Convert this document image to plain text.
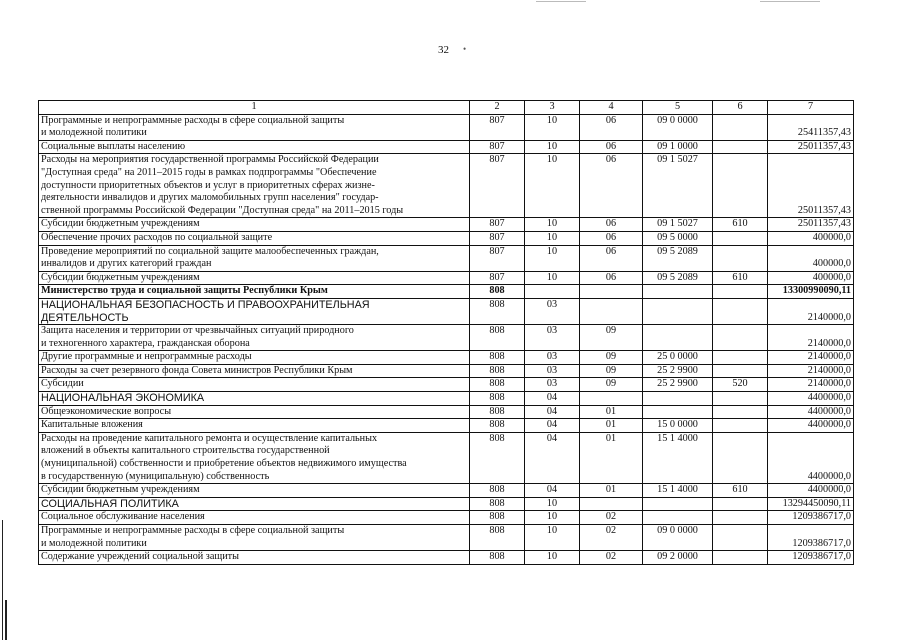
32 •
1	2	3	4	5	6	7
Программные и непрограммные расходы в сфере социальной защиты
и молодежной политики	807	10	06	09 0 0000		25411357,43
Социальные выплаты населению	807	10	06	09 1 0000		25011357,43
Расходы на мероприятия государственной программы Российской Федерации
"Доступная среда" на 2011–2015 годы в рамках подпрограммы "Обеспечение
доступности приоритетных объектов и услуг в приоритетных сферах жизне-
деятельности инвалидов и других маломобильных групп населения" государ-
ственной программы Российской Федерации "Доступная среда" на 2011–2015 годы	807	10	06	09 1 5027		25011357,43
Субсидии бюджетным учреждениям	807	10	06	09 1 5027	610	25011357,43
Обеспечение прочих расходов по социальной защите	807	10	06	09 5 0000		400000,0
Проведение мероприятий по социальной защите малообеспеченных граждан,
инвалидов и других категорий граждан	807	10	06	09 5 2089		400000,0
Субсидии бюджетным учреждениям	807	10	06	09 5 2089	610	400000,0
Министерство труда и социальной защиты Республики Крым	808					13300990090,11
НАЦИОНАЛЬНАЯ БЕЗОПАСНОСТЬ И ПРАВООХРАНИТЕЛЬНАЯ
ДЕЯТЕЛЬНОСТЬ	808	03				2140000,0
Защита населения и территории от чрезвычайных ситуаций природного
и техногенного характера, гражданская оборона	808	03	09			2140000,0
Другие программные и непрограммные расходы	808	03	09	25 0 0000		2140000,0
Расходы за счет резервного фонда Совета министров Республики Крым	808	03	09	25 2 9900		2140000,0
Субсидии	808	03	09	25 2 9900	520	2140000,0
НАЦИОНАЛЬНАЯ ЭКОНОМИКА	808	04				4400000,0
Общеэкономические вопросы	808	04	01			4400000,0
Капитальные вложения	808	04	01	15 0 0000		4400000,0
Расходы на проведение капитального ремонта и осуществление капитальных
вложений в объекты капитального строительства государственной
(муниципальной) собственности и приобретение объектов недвижимого имущества
в государственную (муниципальную) собственность	808	04	01	15 1 4000		4400000,0
Субсидии бюджетным учреждениям	808	04	01	15 1 4000	610	4400000,0
СОЦИАЛЬНАЯ ПОЛИТИКА	808	10				13294450090,11
Социальное обслуживание населения	808	10	02			1209386717,0
Программные и непрограммные расходы в сфере социальной защиты
и молодежной политики	808	10	02	09 0 0000		1209386717,0
Содержание учреждений социальной защиты	808	10	02	09 2 0000		1209386717,0
